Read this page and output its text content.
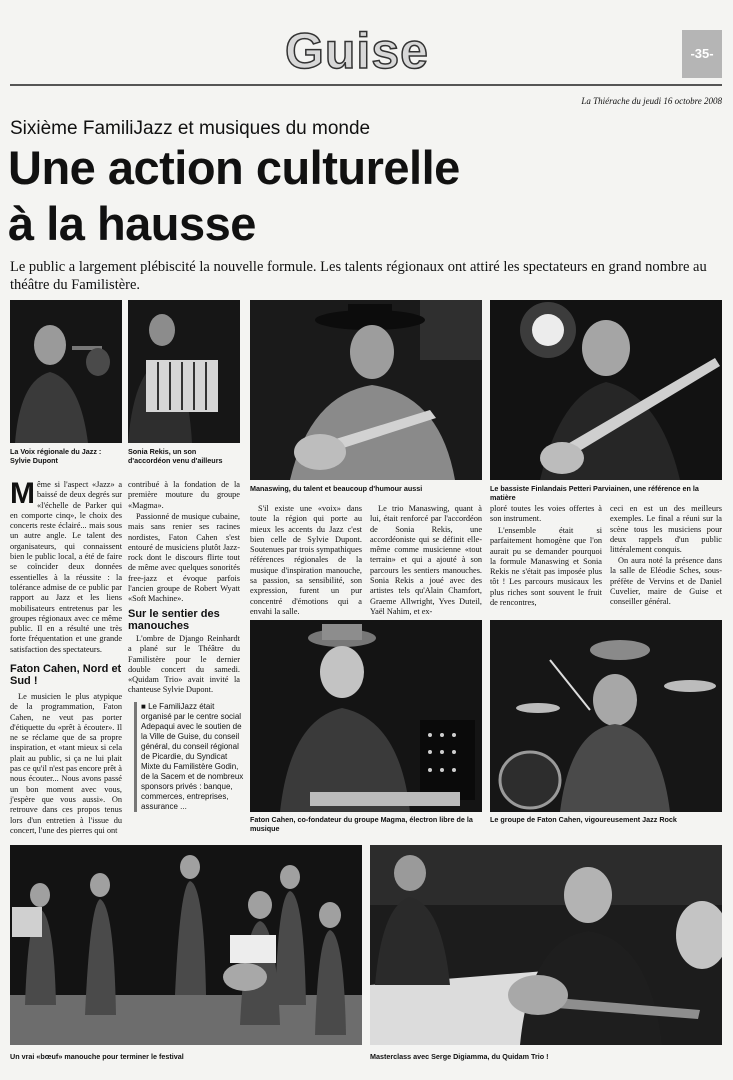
Guise	-35-
La Thiérache du jeudi 16 octobre 2008
Sixième FamiliJazz et musiques du monde
Une action culturelle
à la hausse
Le public a largement plébiscité la nouvelle formule. Les talents régionaux ont attiré les spectateurs en grand nombre au théâtre du Familistère.
La Voix régionale du Jazz : Sylvie Dupont
Sonia Rekis, un son d'accordéon venu d'ailleurs
Manaswing, du talent et beaucoup d'humour aussi	Le bassiste Finlandais Petteri Parviainen, une référence en la matière
Même si l'aspect «Jazz» a baissé de deux degrés sur «l'échelle de Parker qui en comporte cinq», le choix des concerts reste éclairé... mais sous un autre angle. Le talent des organisateurs, qui connaissent bien le public local, a été de faire se coïncider deux données essentielles à la réussite : la tolérance admise de ce public par rapport au Jazz et les liens mobilisateurs entretenus par les groupes régionaux avec ce même public. Il en a résulté une très forte fréquentation et une grande satisfaction des spectateurs.
Faton Cahen, Nord et Sud !
Le musicien le plus atypique de la programmation, Faton Cahen, ne veut pas porter d'étiquette du «prêt à écouter». Il ne se réclame que de sa propre inspiration, et «tant mieux si cela plait au public, si ça ne lui plait pas ce qu'il n'est pas encore prêt à nous écouter... Nous avons passé un bon moment avec vous, j'espère que vous aussi». On retrouve dans ces propos tenus lors d'un entretien à l'issue du concert, l'une des pierres qui ont
contribué à la fondation de la première mouture du groupe «Magma».
Passionné de musique cubaine, mais sans renier ses racines nordistes, Faton Cahen s'est entouré de musiciens plutôt Jazz-rock dont le discours flirte tout de même avec quelques sonorités free-jazz et évoque parfois l'ancien groupe de Robert Wyatt «Soft Machine».
Sur le sentier des manouches
L'ombre de Django Reinhardt a plané sur le Théâtre du Familistère pour le dernier double concert du samedi. «Quidam Trio» avait invité la chanteuse Sylvie Dupont.
■ Le FamiliJazz était organisé par le centre social Adepaqui avec le soutien de la Ville de Guise, du conseil général, du conseil régional de Picardie, du Syndicat Mixte du Familistère Godin, de la Sacem et de nombreux sponsors privés : banque, commerces, entreprises, assurance ...
S'il existe une «voix» dans toute la région qui porte au mieux les accents du Jazz c'est bien celle de Sylvie Dupont. Soutenues par trois sympathiques références régionales de la musique d'inspiration manouche, sa passion, sa sensibilité, son expression, furent un pur concentré d'émotions qui a envahi la salle.
Le trio Manaswing, quant à lui, était renforcé par l'accordéon de Sonia Rekis, une accordéoniste qui se définit elle-même comme musicienne «tout terrain» et qui a ajouté à son parcours les sentiers manouches. Sonia Rekis a joué avec des artistes tels qu'Alain Chamfort, Graeme Allwright, Yves Duteil, Yaël Nahim, et ex-
ploré toutes les voies offertes à son instrument.
L'ensemble était si parfaitement homogène que l'on aurait pu se demander pourquoi la formule Manaswing et Sonia Rekis ne s'était pas imposée plus tôt ! Les parcours musicaux les plus riches sont souvent le fruit de rencontres,
ceci en est un des meilleurs exemples. Le final a réuni sur la scène tous les musiciens pour deux rappels d'un public littéralement conquis.
On aura noté la présence dans la salle de Eléodie Sches, sous-préfète de Vervins et de Daniel Cuvelier, maire de Guise et conseiller général.
Faton Cahen, co-fondateur du groupe Magma, électron libre de la musique
Le groupe de Faton Cahen, vigoureusement Jazz Rock
Un vrai «bœuf» manouche pour terminer le festival	Masterclass avec Serge Digiamma, du Quidam Trio !
